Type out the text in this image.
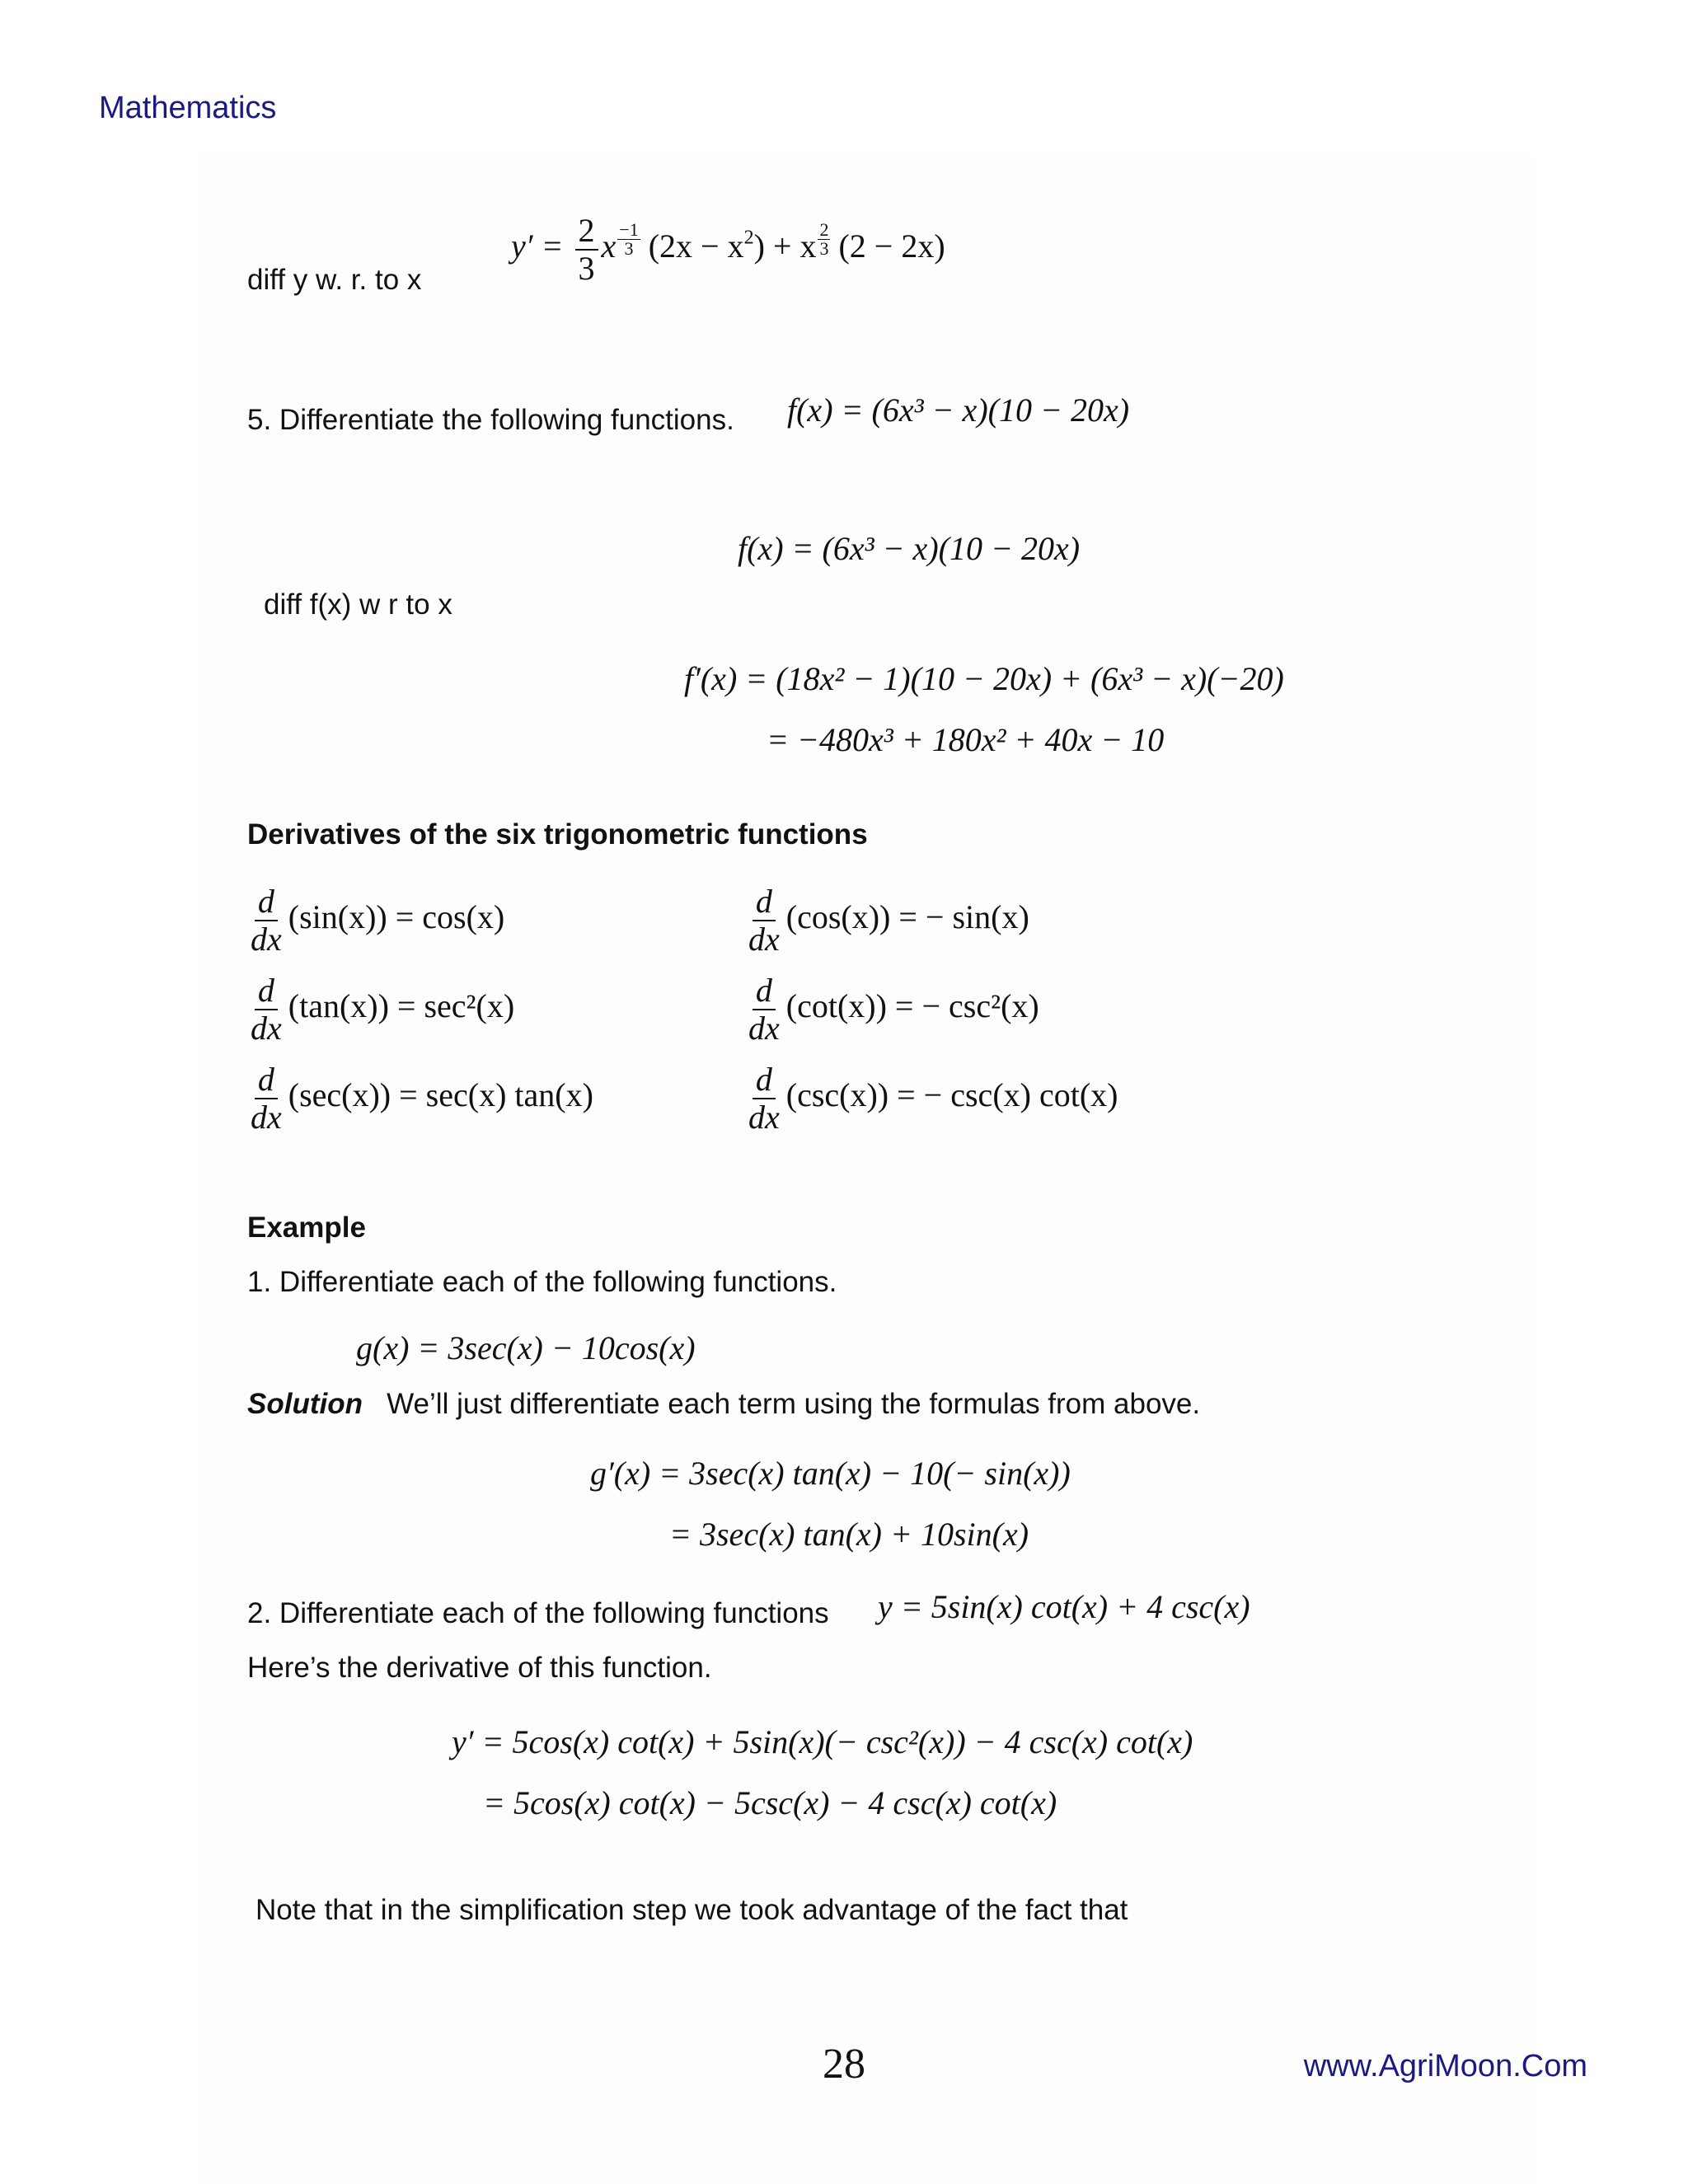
Mathematics
diff y w. r. to x
$y' = \frac{2}{3}$ x $\frac{-1}{3} (2x - x^2) + x \frac{2}{3} (2 - 2x)$
5. Differentiate the following functions. f(x) = (6x³ − x)(10 − 20x)
f(x) = (6x³ − x)(10 − 20x)
diff f(x) w r to x
f′(x) = (18x² − 1)(10 − 20x) + (6x³ − x)(−20)
= −480x³ + 180x² + 40x − 10
Derivatives of the six trigonometric functions
$\frac{d}{dx} (\sin(x)) = \cos(x)$	$\frac{d}{dx} (\cos(x))$ = − sin(x)
$\frac{d}{dx} (\tan(x)) = \sec^2(x)$	$\frac{d}{dx} (\cot(x))$ = − csc²(x)
$\frac{d}{dx} (\sec(x)) = \sec(x)$ tan(x)	$\frac{d}{dx} (\csc(x))$ = − csc(x) cot(x)
Example
1. Differentiate each of the following functions.
g(x) = 3sec(x) − 10cos(x)
Solution We’ll just differentiate each term using the formulas from above.
g′(x) = 3sec(x) tan(x) − 10(− sin(x))
= 3sec(x) tan(x) + 10sin(x)
2. Differentiate each of the following functions y = 5sin(x) cot(x) + 4 csc(x)
Here’s the derivative of this function.
y′ = 5cos(x) cot(x) + 5sin(x)(− csc²(x)) − 4 csc(x) cot(x)
= 5cos(x) cot(x) − 5csc(x) − 4 csc(x) cot(x)
Note that in the simplification step we took advantage of the fact that
28	www.AgriMoon.Com
